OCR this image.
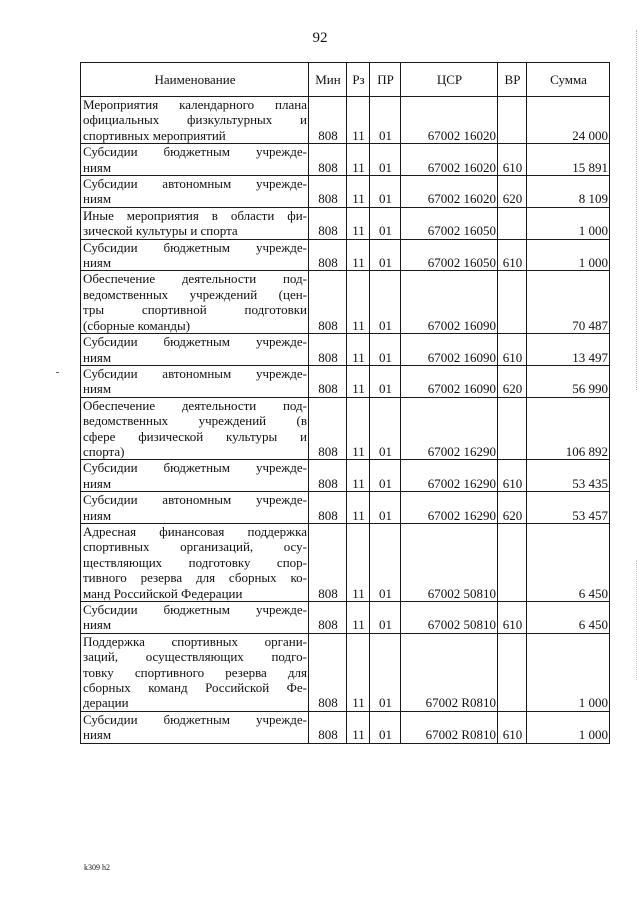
92
Наименование	Мин	Рз	ПР	ЦСР	ВР	Сумма

Мероприятия календарного плана
официальных физкультурных и
спортивных мероприятий	808	11	01	67002 16020		24 000

Субсидии бюджетным учрежде-
ниям	808	11	01	67002 16020	610	15 891

Субсидии автономным учрежде-
ниям	808	11	01	67002 16020	620	8 109

Иные мероприятия в области фи-
зической культуры и спорта	808	11	01	67002 16050		1 000

Субсидии бюджетным учрежде-
ниям	808	11	01	67002 16050	610	1 000

Обеспечение деятельности под-
ведомственных учреждений (цен-
тры спортивной подготовки
(сборные команды)	808	11	01	67002 16090		70 487

Субсидии бюджетным учрежде-
ниям	808	11	01	67002 16090	610	13 497

Субсидии автономным учрежде-
ниям	808	11	01	67002 16090	620	56 990

Обеспечение деятельности под-
ведомственных учреждений (в
сфере физической культуры и
спорта)	808	11	01	67002 16290		106 892

Субсидии бюджетным учрежде-
ниям	808	11	01	67002 16290	610	53 435

Субсидии автономным учрежде-
ниям	808	11	01	67002 16290	620	53 457

Адресная финансовая поддержка
спортивных организаций, осу-
ществляющих подготовку спор-
тивного резерва для сборных ко-
манд Российской Федерации	808	11	01	67002 50810		6 450

Субсидии бюджетным учрежде-
ниям	808	11	01	67002 50810	610	6 450

Поддержка спортивных органи-
заций, осуществляющих подго-
товку спортивного резерва для
сборных команд Российской Фе-
дерации	808	11	01	67002 R0810		1 000

Субсидии бюджетным учрежде-
ниям	808	11	01	67002 R0810	610	1 000
k309 h2
